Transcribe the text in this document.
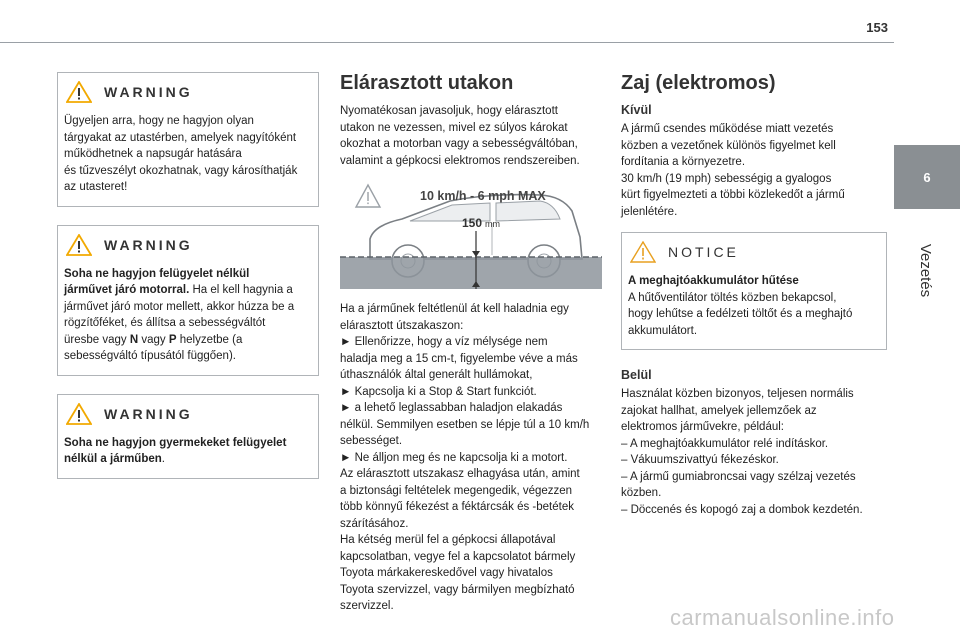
153
6
Vezetés
WARNING
Ügyeljen arra, hogy ne hagyjon olyan
tárgyakat az utastérben, amelyek nagyítóként
működhetnek a napsugár hatására
és tűzveszélyt okozhatnak, vagy károsíthatják
az utasteret!
WARNING
Soha ne hagyjon felügyelet nélkül
járművet járó motorral. Ha el kell hagynia a
járművet járó motor mellett, akkor húzza be a
rögzítőféket, és állítsa a sebességváltót
üresbe vagy N vagy P helyzetbe (a
sebességváltó típusától függően).
WARNING
Soha ne hagyjon gyermekeket felügyelet
nélkül a járműben.
Elárasztott utakon

Nyomatékosan javasoljuk, hogy elárasztott

utakon ne vezessen, mivel ez súlyos károkat

okozhat a motorban vagy a sebességváltóban,

valamint a gépkocsi elektromos rendszereiben.

10 km/h - 6 mph MAX
150 mm

Ha a járműnek feltétlenül át kell haladnia egy

elárasztott útszakaszon:

► Ellenőrizze, hogy a víz mélysége nem

haladja meg a 15 cm-t, figyelembe véve a más

úthasználók által generált hullámokat,

► Kapcsolja ki a Stop & Start funkciót.

► a lehető leglassabban haladjon elakadás

nélkül. Semmilyen esetben se lépje túl a 10 km/h

sebességet.

► Ne álljon meg és ne kapcsolja ki a motort.

Az elárasztott utszakasz elhagyása után, amint

a biztonsági feltételek megengedik, végezzen

több könnyű fékezést a féktárcsák és -betétek

szárításához.

Ha kétség merül fel a gépkocsi állapotával

kapcsolatban, vegye fel a kapcsolatot bármely

Toyota márkakereskedővel vagy hivatalos

Toyota szervizzel, vagy bármilyen megbízható

szervizzel.

Zaj (elektromos)
Kívül

A jármű csendes működése miatt vezetés

közben a vezetőnek különös figyelmet kell

fordítania a környezetre.

30 km/h (19 mph) sebességig a gyalogos

kürt figyelmezteti a többi közlekedőt a jármű

jelenlétére.

NOTICE
A meghajtóakkumulátor hűtése
A hűtőventilátor töltés közben bekapcsol,
hogy lehűtse a fedélzeti töltőt és a meghajtó
akkumulátort.
Belül

Használat közben bizonyos, teljesen normális

zajokat hallhat, amelyek jellemzőek az

elektromos járművekre, például:

– A meghajtóakkumulátor relé indításkor.

– Vákuumszivattyú fékezéskor.

– A jármű gumiabroncsai vagy szélzaj vezetés

közben.

– Döccenés és kopogó zaj a dombok kezdetén.

carmanualsonline.info
